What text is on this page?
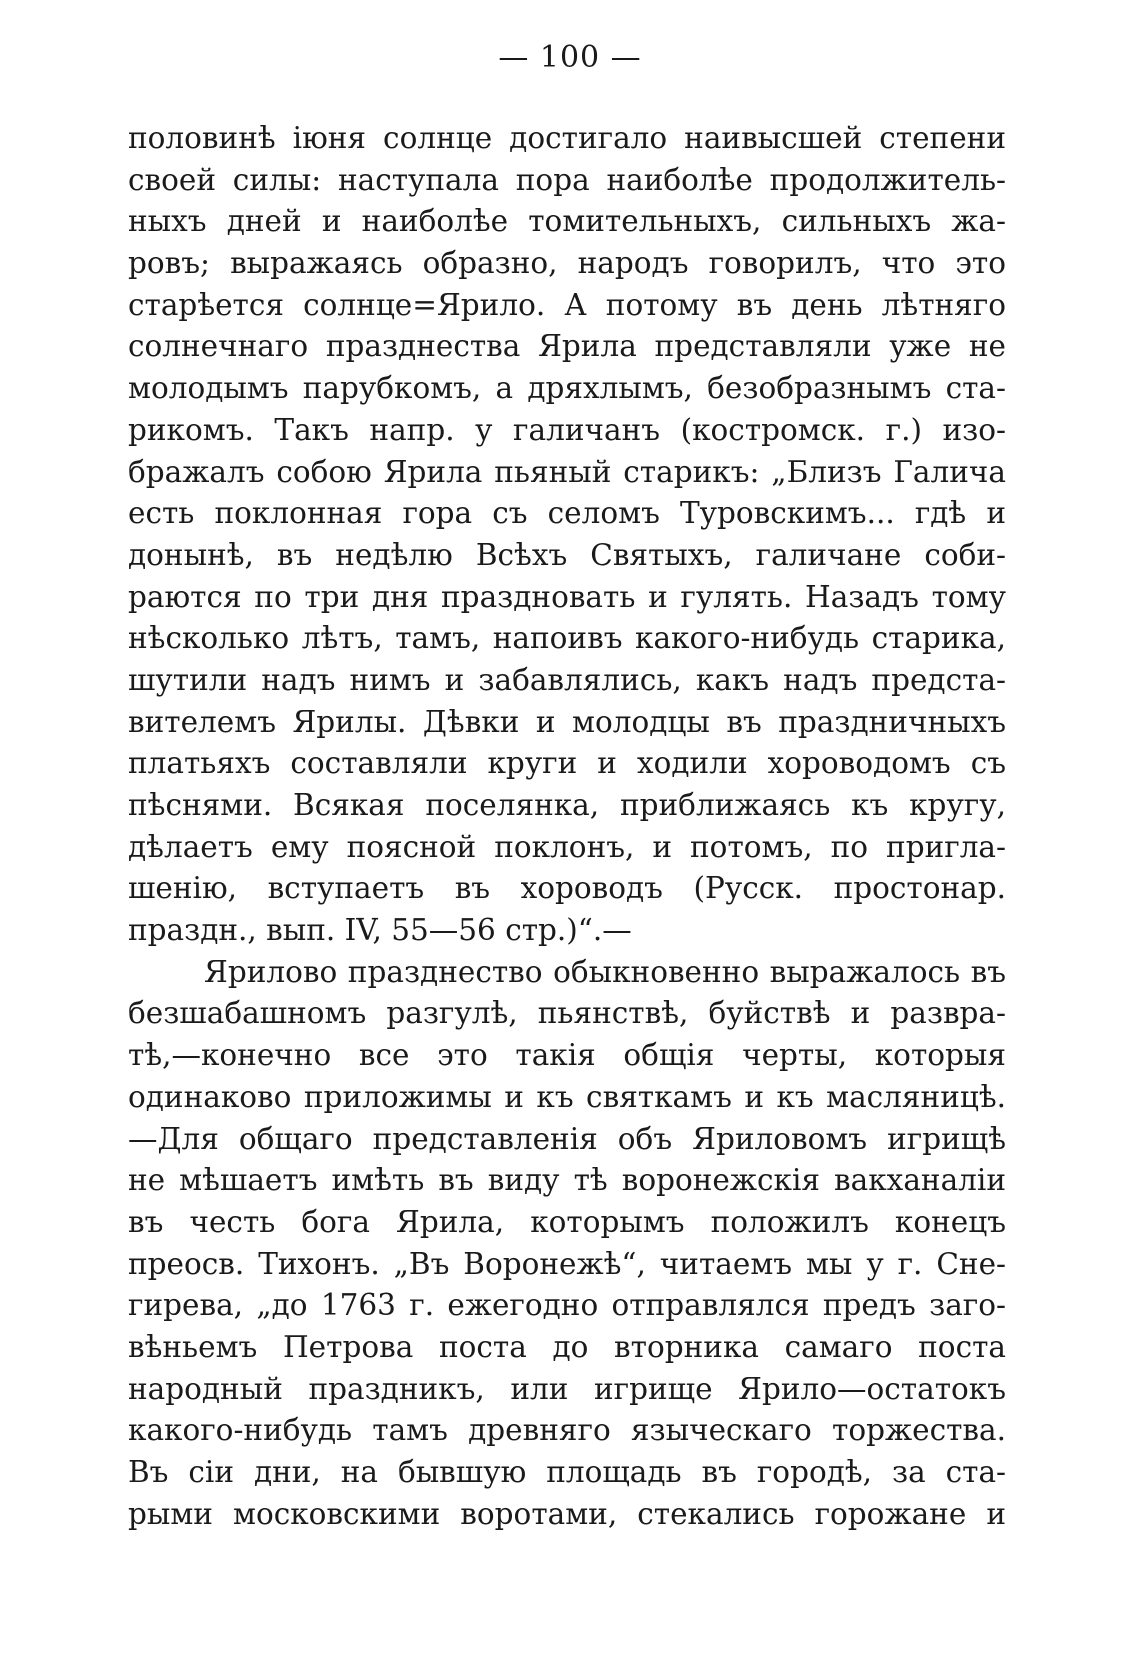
— 100 —
половинѣ іюня солнце достигало наивысшей степени
своей силы: наступала пора наиболѣе продолжитель-
ныхъ дней и наиболѣе томительныхъ, сильныхъ жа-
ровъ; выражаясь образно, народъ говорилъ, что это
старѣется солнце=Ярило. А потому въ день лѣтняго
солнечнаго празднества Ярила представляли уже не
молодымъ парубкомъ, а дряхлымъ, безобразнымъ ста-
рикомъ. Такъ напр. у галичанъ (костромск. г.) изо-
бражалъ собою Ярила пьяный старикъ: „Близъ Галича
есть поклонная гора съ селомъ Туровскимъ... гдѣ и
донынѣ, въ недѣлю Всѣхъ Святыхъ, галичане соби-
раются по три дня праздновать и гулять. Назадъ тому
нѣсколько лѣтъ, тамъ, напоивъ какого-нибудь старика,
шутили надъ нимъ и забавлялись, какъ надъ предста-
вителемъ Ярилы. Дѣвки и молодцы въ праздничныхъ
платьяхъ составляли круги и ходили хороводомъ съ
пѣснями. Всякая поселянка, приближаясь къ кругу,
дѣлаетъ ему поясной поклонъ, и потомъ, по пригла-
шенію, вступаетъ въ хороводъ (Русск. простонар.
праздн., вып. IV, 55—56 стр.)“.—
Ярилово празднество обыкновенно выражалось въ
безшабашномъ разгулѣ, пьянствѣ, буйствѣ и развра-
тѣ,—конечно все это такія общія черты, которыя
одинаково приложимы и къ святкамъ и къ масляницѣ.
—Для общаго представленія объ Яриловомъ игрищѣ
не мѣшаетъ имѣть въ виду тѣ воронежскія вакханаліи
въ честь бога Ярила, которымъ положилъ конецъ
преосв. Тихонъ. „Въ Воронежѣ“, читаемъ мы у г. Сне-
гирева, „до 1763 г. ежегодно отправлялся предъ заго-
вѣньемъ Петрова поста до вторника самаго поста
народный праздникъ, или игрище Ярило—остатокъ
какого-нибудь тамъ древняго языческаго торжества.
Въ сіи дни, на бывшую площадь въ городѣ, за ста-
рыми московскими воротами, стекались горожане и
